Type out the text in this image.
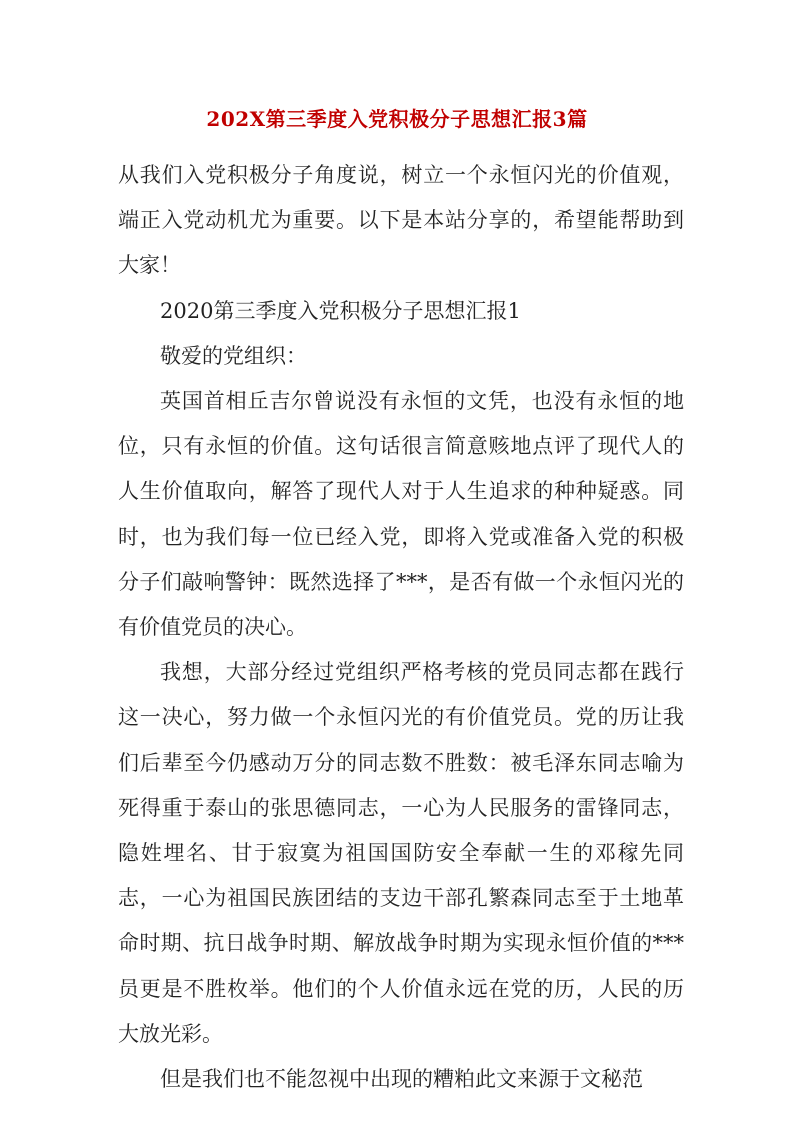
202X第三季度入党积极分子思想汇报3篇

从我们入党积极分子角度说，树立一个永恒闪光的价值观，端正入党动机尤为重要。以下是本站分享的，希望能帮助到大家！

2020第三季度入党积极分子思想汇报1

敬爱的党组织：

英国首相丘吉尔曾说没有永恒的文凭，也没有永恒的地位，只有永恒的价值。这句话很言简意赅地点评了现代人的人生价值取向，解答了现代人对于人生追求的种种疑惑。同时，也为我们每一位已经入党，即将入党或准备入党的积极分子们敲响警钟：既然选择了***，是否有做一个永恒闪光的有价值党员的决心。

我想，大部分经过党组织严格考核的党员同志都在践行这一决心，努力做一个永恒闪光的有价值党员。党的历让我们后辈至今仍感动万分的同志数不胜数：被毛泽东同志喻为死得重于泰山的张思德同志，一心为人民服务的雷锋同志，隐姓埋名、甘于寂寞为祖国国防安全奉献一生的邓稼先同志，一心为祖国民族团结的支边干部孔繁森同志至于土地革命时期、抗日战争时期、解放战争时期为实现永恒价值的***员更是不胜枚举。他们的个人价值永远在党的历，人民的历大放光彩。

但是我们也不能忽视中出现的糟粕此文来源于文秘范
